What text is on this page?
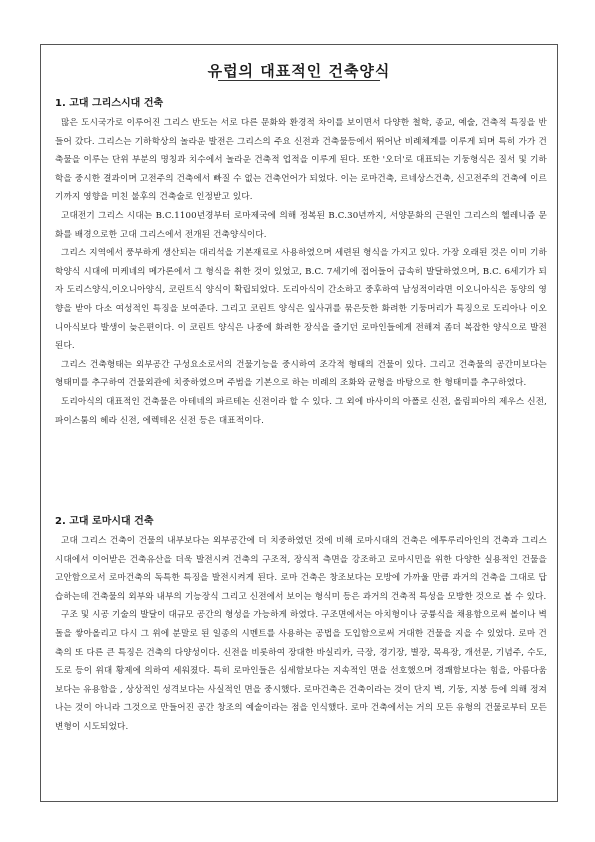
유럽의 대표적인 건축양식
1. 고대 그리스시대 건축

많은 도시국가로 이루어진 그리스 반도는 서로 다른 문화와 환경적 차이를 보이면서 다양한 철학, 종교, 예술, 건축적 특징을 반들어 갔다. 그리스는 기하학상의 놀라운 발전은 그리스의 주요 신전과 건축물등에서 뛰어난 비례체계를 이루게 되며 특히 가가 건축물을 이루는 단위 부분의 명칭과 치수에서 놀라운 건축적 업적을 이루게 된다. 또한 '오더'로 대표되는 기둥형식은 질서 및 기하학을 중시한 결과이며 고전주의 건축에서 빠질 수 없는 건축언어가 되었다. 이는 로마건축, 르네상스건축, 신고전주의 건축에 이르기까지 영향을 미친 불후의 건축술로 인정받고 있다.

고대전기 그리스 시대는 B.C.1100년경부터 로마제국에 의해 정복된 B.C.30년까지, 서양문화의 근원인 그리스의 헬레니즘 문화를 배경으로한 고대 그리스에서 전개된 건축양식이다.

그리스 지역에서 풍부하게 생산되는 대리석을 기본재료로 사용하였으며 세련된 형식을 가지고 있다. 가장 오래된 것은 이미 기하학양식 시대에 미케네의 메가론에서 그 형식을 취한 것이 있었고, B.C. 7세기에 접어들어 급속히 발달하였으며, B.C. 6세기가 되자 도리스양식,이오니아양식, 코린트식 양식이 확립되었다. 도리아식이 간소하고 중후하여 남성적이라면 이오니아식은 동양의 영향을 받아 다소 여성적인 특징을 보여준다. 그리고 코린트 양식은 잎사귀를 묶은듯한 화려한 기둥머리가 특징으로 도리아나 이오니아식보다 발생이 늦은편이다. 이 코린트 양식은 나중에 화려한 장식을 즐기던 로마인들에게 전해져 좀더 복잡한 양식으로 발전된다.

그리스 건축형태는 외부공간 구성요소로서의 건물기능을 중시하여 조각적 형태의 건물이 있다. 그리고 건축물의 공간미보다는 형태미를 추구하여 건물외관에 치중하였으며 주범을 기본으로 하는 비례의 조화와 균형을 바탕으로 한 형태미를 추구하였다.

도리아식의 대표적인 건축물은 아테네의 파르테논 신전이라 할 수 있다. 그 외에 바사이의 아폴로 신전, 올림피아의 제우스 신전, 파이스툼의 헤라 신전, 에렉테온 신전 등은 대표적이다.

2. 고대 로마시대 건축

고대 그리스 건축이 건물의 내부보다는 외부공간에 더 치중하였던 것에 비해 로마시대의 건축은 에투루리아인의 건축과 그리스 시대에서 이어받은 건축유산을 더욱 발전시켜 건축의 구조적, 장식적 측면을 강조하고 로마시민을 위한 다양한 실용적인 건물을 고안함으로서 로마건축의 독특한 특징을 발전시켜게 된다. 로마 건축은 창조보다는 모방에 가까울 만큼 과거의 건축을 그대로 답습하는데 건축물의 외부와 내부의 기능장식 그리고 신전에서 보이는 형식미 등은 과거의 건축적 특성을 모방한 것으로 볼 수 있다.

구조 및 시공 기술의 발달이 대규모 공간의 형성을 가능하게 하였다. 구조면에서는 아치형이나 궁륭식을 채용함으로써 볼이나 벽돌을 쌓아올리고 다시 그 위에 분말로 된 일종의 시멘트를 사용하는 공법을 도입함으로써 거대한 건물을 지을 수 있었다. 로마 건축의 또 다른 큰 특징은 건축의 다양성이다. 신전을 비롯하여 장대한 바실리카, 극장, 경기장, 별장, 목욕장, 개선문, 기념주, 수도, 도로 등이 위대 황제에 의하여 세워졌다. 특히 로마인들은 심세함보다는 지속적인 면을 선호했으며 경쾌함보다는 힘을, 아름다움보다는 유용함을 , 상상적인 성격보다는 사실적인 면을 중시했다. 로마건축은 건축이라는 것이 단지 벽, 기둥, 지붕 등에 의해 정져나는 것이 아니라 그것으로 만들어진 공간 창조의 예술이라는 점을 인식했다. 로마 건축에서는 거의 모든 유형의 건물로부터 모든 변형이 시도되었다.
